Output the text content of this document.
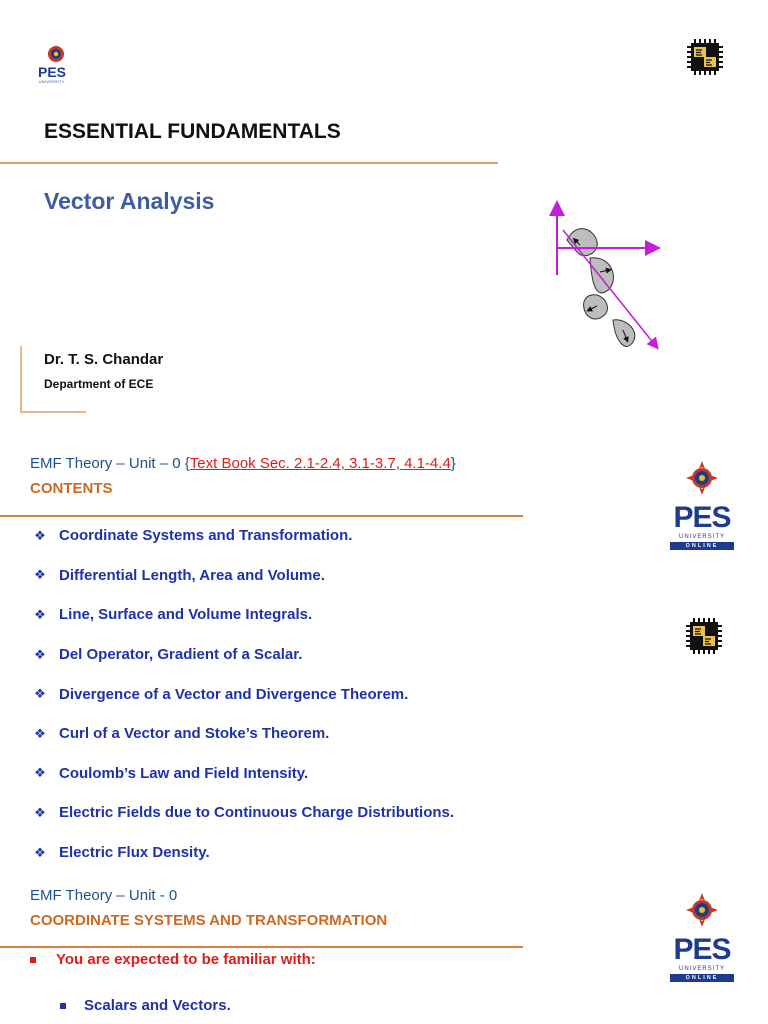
PES
UNIVERSITY
ESSENTIAL FUNDAMENTALS
Vector Analysis
Dr. T. S. Chandar
Department of ECE
EMF Theory – Unit – 0 {Text Book Sec. 2.1-2.4, 3.1-3.7, 4.1-4.4}
CONTENTS
❖ Coordinate Systems and Transformation.
❖ Differential Length, Area and Volume.
❖ Line, Surface and Volume Integrals.
❖ Del Operator, Gradient of a Scalar.
❖ Divergence of a Vector and Divergence Theorem.
❖ Curl of a Vector and Stoke’s Theorem.
❖ Coulomb’s Law and Field Intensity.
❖ Electric Fields due to Continuous Charge Distributions.
❖ Electric Flux Density.
PES
UNIVERSITY
ONLINE
EMF Theory – Unit - 0
COORDINATE SYSTEMS AND TRANSFORMATION
You are expected to be familiar with:
Scalars and Vectors.
PES
UNIVERSITY
ONLINE
